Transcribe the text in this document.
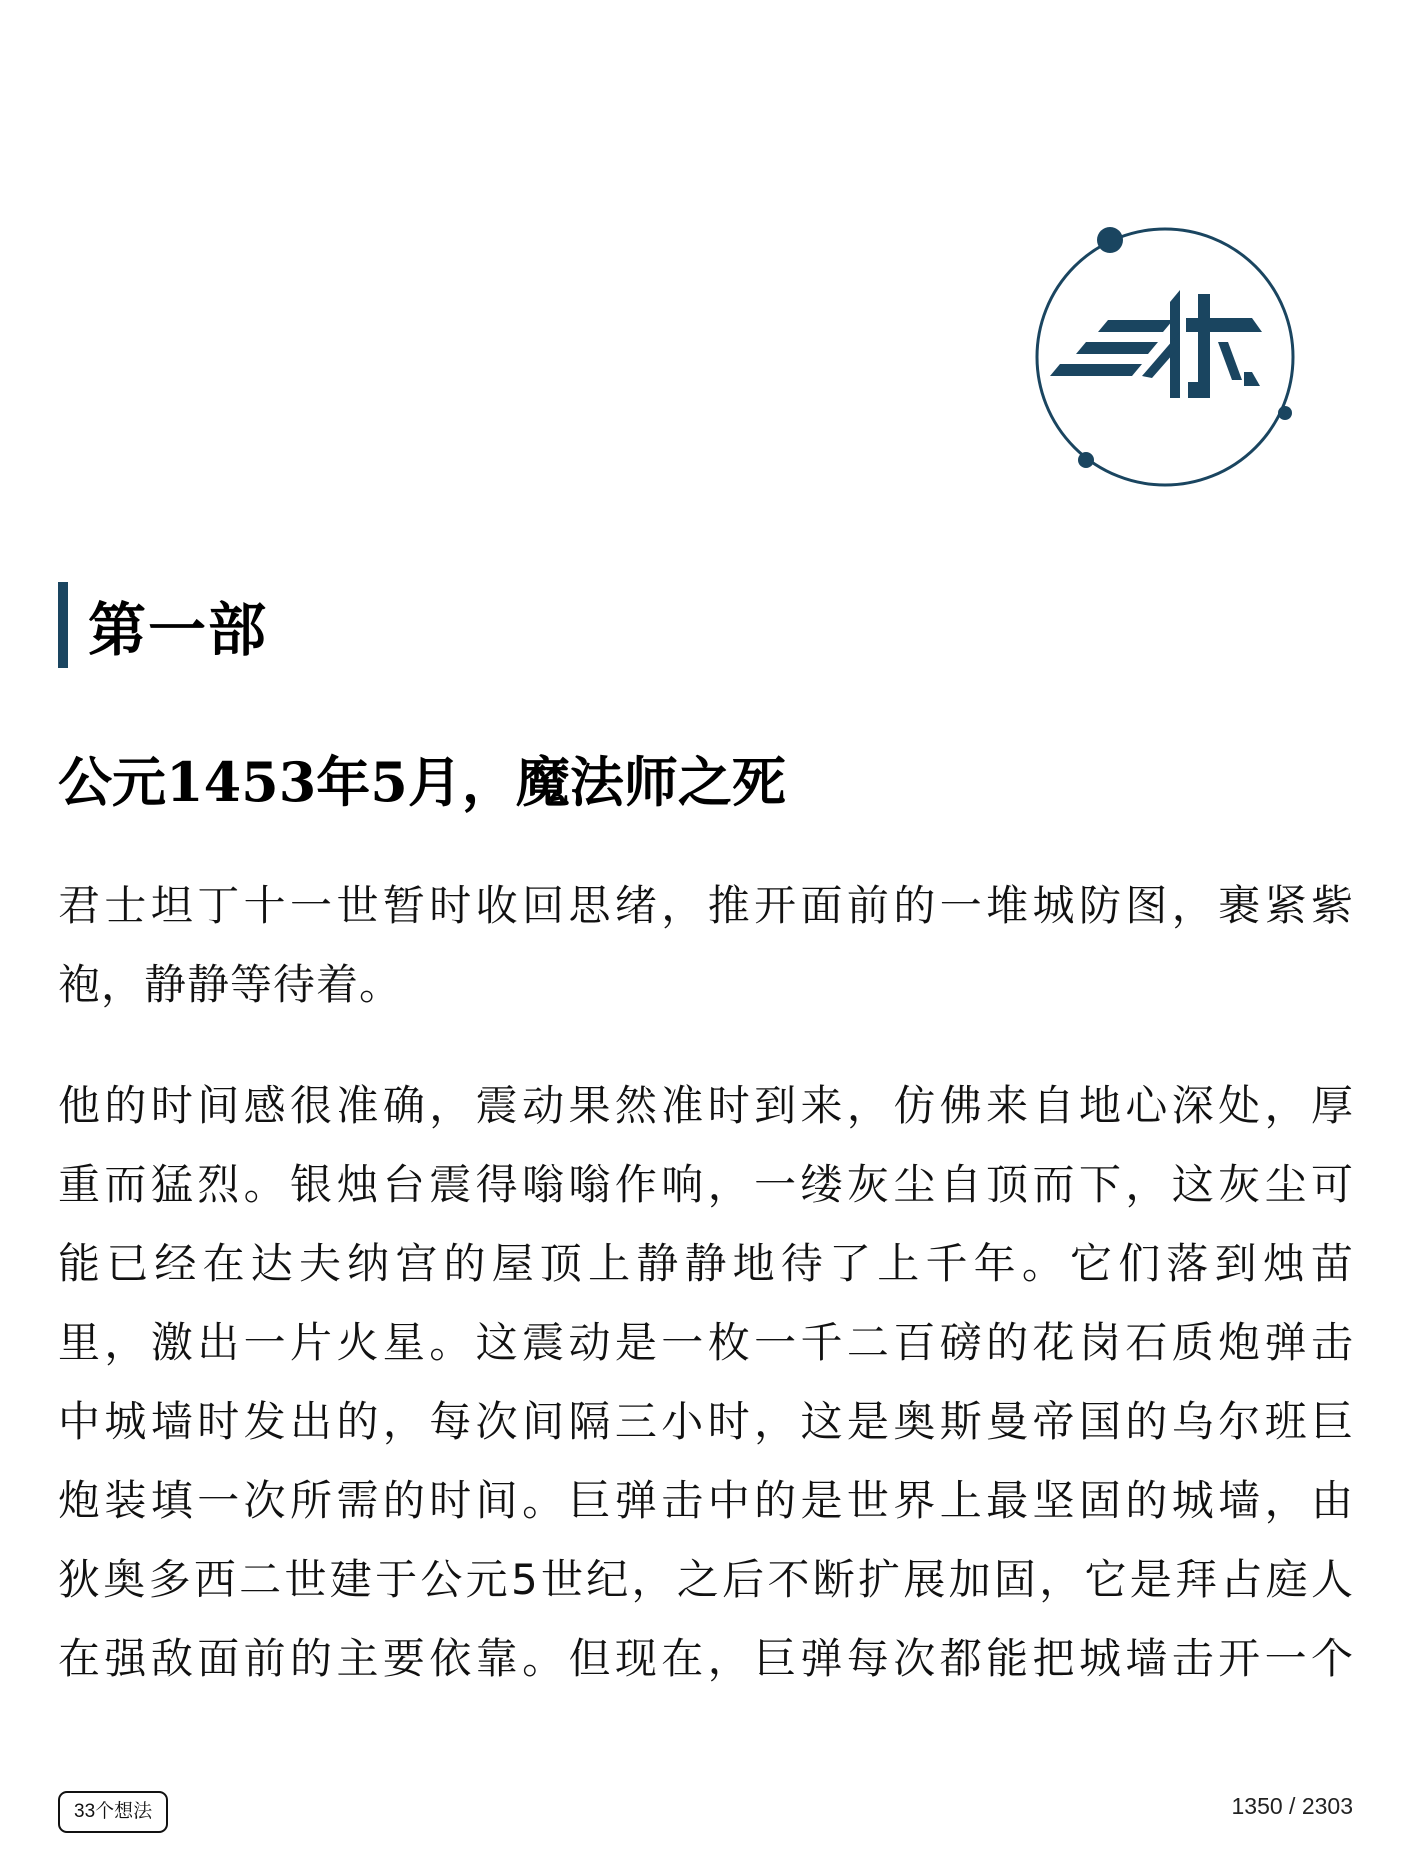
第一部
公元1453年5月，魔法师之死
君士坦丁十一世暂时收回思绪，推开面前的一堆城防图，裹紧紫
袍，静静等待着。
他的时间感很准确，震动果然准时到来，仿佛来自地心深处，厚
重而猛烈。银烛台震得嗡嗡作响，一缕灰尘自顶而下，这灰尘可
能已经在达夫纳宫的屋顶上静静地待了上千年。它们落到烛苗
里，激出一片火星。这震动是一枚一千二百磅的花岗石质炮弹击
中城墙时发出的，每次间隔三小时，这是奥斯曼帝国的乌尔班巨
炮装填一次所需的时间。巨弹击中的是世界上最坚固的城墙，由
狄奥多西二世建于公元5世纪，之后不断扩展加固，它是拜占庭人
在强敌面前的主要依靠。但现在，巨弹每次都能把城墙击开一个
33个想法	1350 / 2303
